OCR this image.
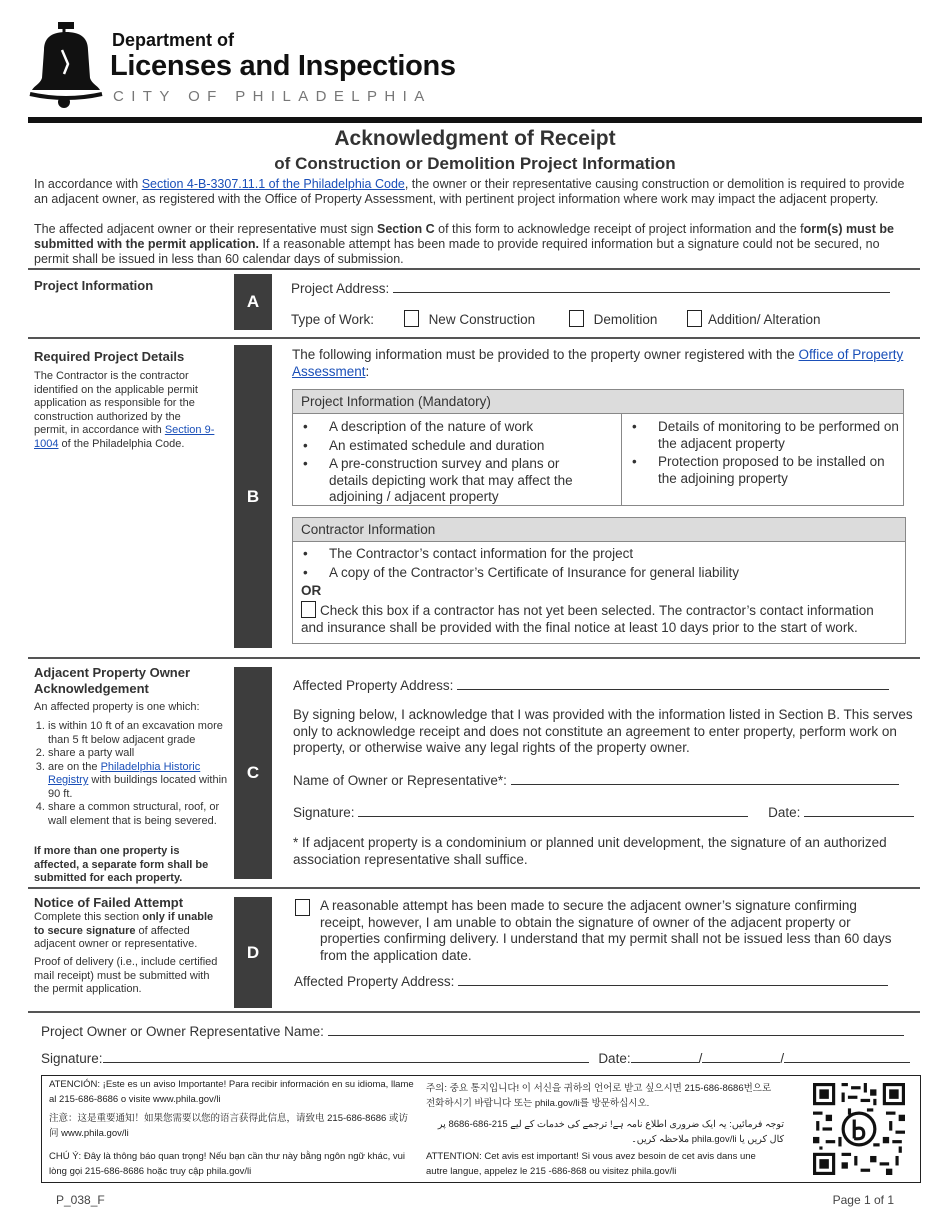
Department of
Licenses and Inspections
CITY OF PHILADELPHIA
Acknowledgment of Receipt
of Construction or Demolition Project Information
In accordance with Section 4-B-3307.11.1 of the Philadelphia Code, the owner or their representative causing construction or demolition is required to provide an adjacent owner, as registered with the Office of Property Assessment, with pertinent project information where work may impact the adjacent property.
The affected adjacent owner or their representative must sign Section C of this form to acknowledge receipt of project information and the form(s) must be submitted with the permit application. If a reasonable attempt has been made to provide required information but a signature could not be secured, no permit shall be issued in less than 60 calendar days of submission.
Project Information
A
Project Address:
Type of Work:	New Construction	Demolition	Addition/ Alteration
Required Project Details
The Contractor is the contractor identified on the applicable permit application as responsible for the construction authorized by the permit, in accordance with Section 9-1004 of the Philadelphia Code.
B
The following information must be provided to the property owner registered with the Office of Property Assessment:
Project Information (Mandatory)
• A description of the nature of work
• An estimated schedule and duration
• A pre-construction survey and plans or details depicting work that may affect the adjoining / adjacent property
• Details of monitoring to be performed on the adjacent property
• Protection proposed to be installed on the adjoining property
Contractor Information
• The Contractor’s contact information for the project
• A copy of the Contractor’s Certificate of Insurance for general liability
OR
Check this box if a contractor has not yet been selected. The contractor’s contact information and insurance shall be provided with the final notice at least 10 days prior to the start of work.
Adjacent Property Owner Acknowledgement
An affected property is one which:
1. is within 10 ft of an excavation more than 5 ft below adjacent grade
2. share a party wall
3. are on the Philadelphia Historic Registry with buildings located within 90 ft.
4. share a common structural, roof, or wall element that is being severed.
If more than one property is affected, a separate form shall be submitted for each property.
C
Affected Property Address:
By signing below, I acknowledge that I was provided with the information listed in Section B. This serves only to acknowledge receipt and does not constitute an agreement to enter property, perform work on property, or otherwise waive any legal rights of the property owner.
Name of Owner or Representative*:
Signature:	Date:
* If adjacent property is a condominium or planned unit development, the signature of an authorized association representative shall suffice.
Notice of Failed Attempt
Complete this section only if unable to secure signature of affected adjacent owner or representative.
Proof of delivery (i.e., include certified mail receipt) must be submitted with the permit application.
D
A reasonable attempt has been made to secure the adjacent owner’s signature confirming receipt, however, I am unable to obtain the signature of owner of the adjacent property or properties confirming delivery. I understand that my permit shall not be issued less than 60 days from the application date.
Affected Property Address:
Project Owner or Owner Representative Name:
Signature:	Date:	/	/
ATENCIÓN: ¡Este es un aviso Importante! Para recibir información en su idioma, llame al 215-686-8686 o visite www.phila.gov/li
注意：这是重要通知！如果您需要以您的语言获得此信息，请致电 215-686-8686 或访问 www.phila.gov/li
CHÚ Ý: Đây là thông báo quan trọng! Nếu bạn cần thư này bằng ngôn ngữ khác, vui lòng gọi 215-686-8686 hoặc truy cập phila.gov/li
주의: 중요 통지입니다! 이 서신을 귀하의 언어로 받고 싶으시면 215-686-8686번으로 전화하시기 바랍니다 또는 phila.gov/li를 방문하십시오.
توجہ فرمائیں: یہ ایک ضروری اطلاع نامہ ہے! ترجمے کی خدمات کے لیے 215-686-8686 پر کال کریں یا phila.gov/li ملاحظہ کریں۔
ATTENTION: Cet avis est important! Si vous avez besoin de cet avis dans une autre langue, appelez le 215 -686-868 ou visitez phila.gov/li
P_038_F	Page 1 of 1
